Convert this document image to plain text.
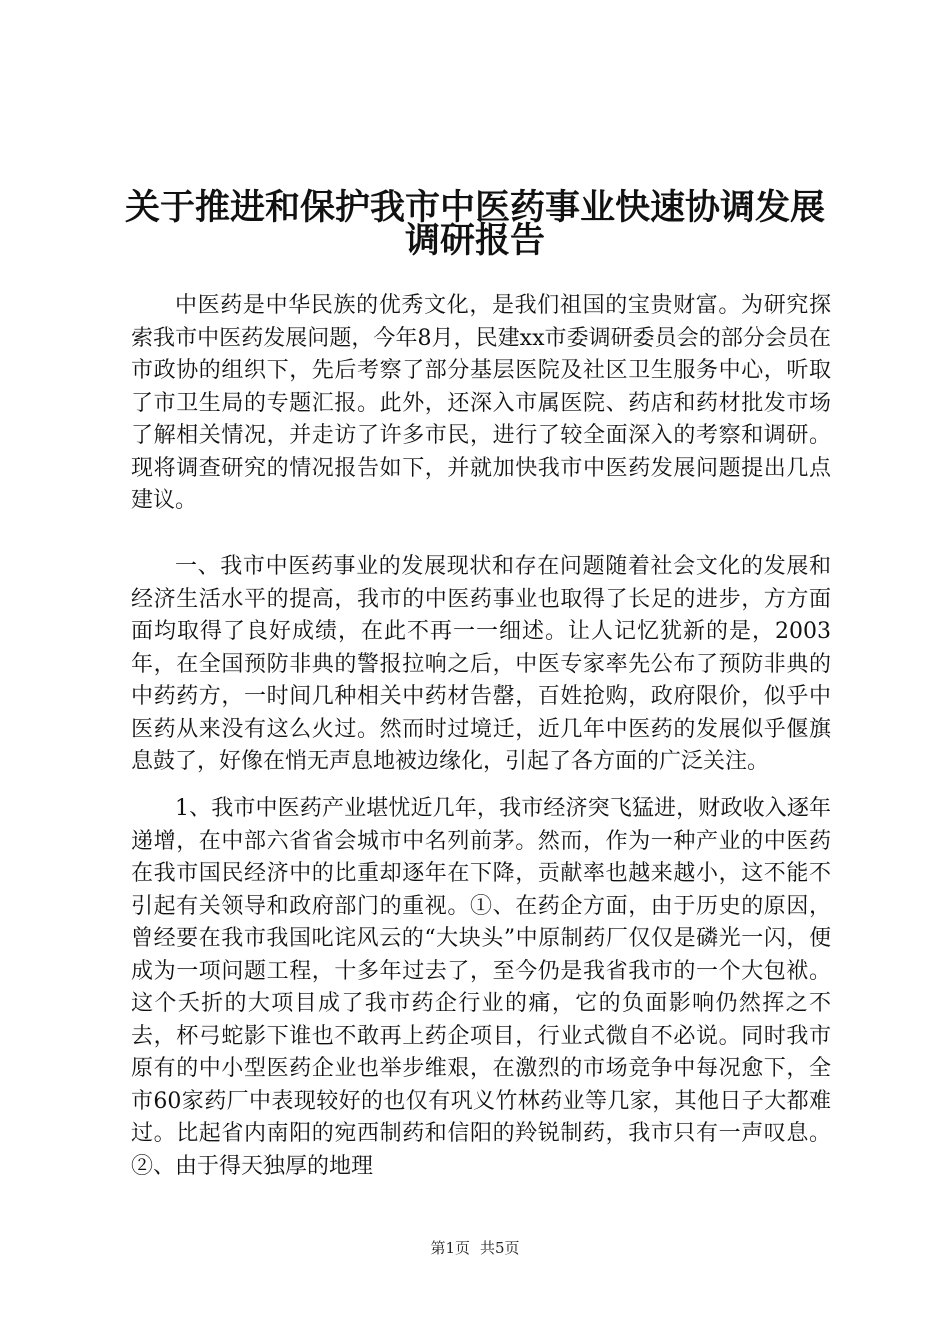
关于推进和保护我市中医药事业快速协调发展
调研报告

中医药是中华民族的优秀文化，是我们祖国的宝贵财富。为研究探索我市中医药发展问题，今年8月，民建xx市委调研委员会的部分会员在市政协的组织下，先后考察了部分基层医院及社区卫生服务中心，听取了市卫生局的专题汇报。此外，还深入市属医院、药店和药材批发市场了解相关情况，并走访了许多市民，进行了较全面深入的考察和调研。现将调查研究的情况报告如下，并就加快我市中医药发展问题提出几点建议。

一、我市中医药事业的发展现状和存在问题随着社会文化的发展和经济生活水平的提高，我市的中医药事业也取得了长足的进步，方方面面均取得了良好成绩，在此不再一一细述。让人记忆犹新的是，2003年，在全国预防非典的警报拉响之后，中医专家率先公布了预防非典的中药药方，一时间几种相关中药材告罄，百姓抢购，政府限价，似乎中医药从来没有这么火过。然而时过境迁，近几年中医药的发展似乎偃旗息鼓了，好像在悄无声息地被边缘化，引起了各方面的广泛关注。

1、我市中医药产业堪忧近几年，我市经济突飞猛进，财政收入逐年递增，在中部六省省会城市中名列前茅。然而，作为一种产业的中医药在我市国民经济中的比重却逐年在下降，贡献率也越来越小，这不能不引起有关领导和政府部门的重视。①、在药企方面，由于历史的原因，曾经要在我市我国叱诧风云的“大块头”中原制药厂仅仅是磷光一闪，便成为一项问题工程，十多年过去了，至今仍是我省我市的一个大包袱。这个夭折的大项目成了我市药企行业的痛，它的负面影响仍然挥之不去，杯弓蛇影下谁也不敢再上药企项目，行业式微自不必说。同时我市原有的中小型医药企业也举步维艰，在激烈的市场竞争中每况愈下，全市60家药厂中表现较好的也仅有巩义竹林药业等几家，其他日子大都难过。比起省内南阳的宛西制药和信阳的羚锐制药，我市只有一声叹息。②、由于得天独厚的地理

第1页 共5页
